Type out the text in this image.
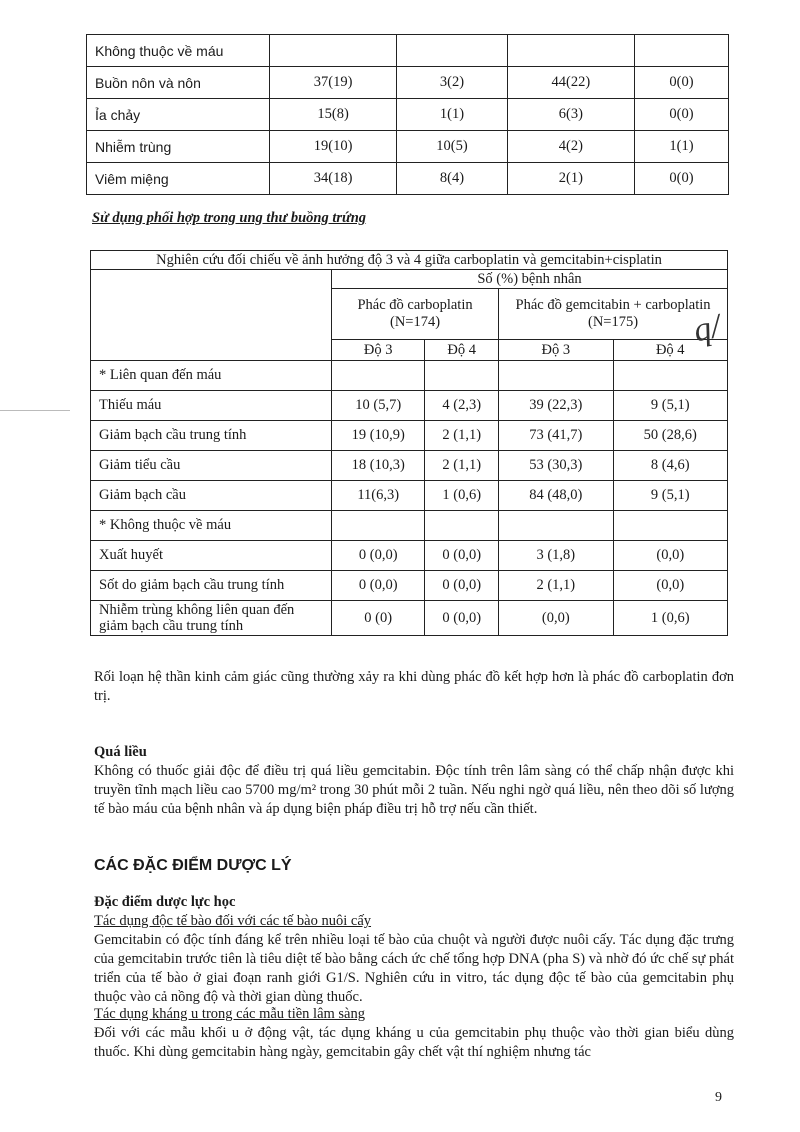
Không thuộc về máu				
Buồn nôn và nôn	37(19)	3(2)	44(22)	0(0)
Ỉa chảy	15(8)	1(1)	6(3)	0(0)
Nhiễm trùng	19(10)	10(5)	4(2)	1(1)
Viêm miệng	34(18)	8(4)	2(1)	0(0)

Sử dụng phối hợp trong ung thư buồng trứng

Nghiên cứu đối chiếu về ảnh hưởng độ 3 và 4 giữa carboplatin và gemcitabin+cisplatin				
	Số (%) bệnh nhân			
	Phác đồ carboplatin (N=174)		Phác đồ gemcitabin + carboplatin (N=175)	
	Độ 3	Độ 4	Độ 3	Độ 4
* Liên quan đến máu				
Thiếu máu	10 (5,7)	4 (2,3)	39 (22,3)	9 (5,1)
Giảm bạch cầu trung tính	19 (10,9)	2 (1,1)	73 (41,7)	50 (28,6)
Giảm tiểu cầu	18 (10,3)	2 (1,1)	53 (30,3)	8 (4,6)
Giảm bạch cầu	11(6,3)	1 (0,6)	84 (48,0)	9 (5,1)
* Không thuộc về máu				
Xuất huyết	0 (0,0)	0 (0,0)	3 (1,8)	(0,0)
Sốt do giảm bạch cầu trung tính	0 (0,0)	0 (0,0)	2 (1,1)	(0,0)
Nhiễm trùng không liên quan đến giảm bạch cầu trung tính	0 (0)	0 (0,0)	(0,0)	1 (0,6)
q/

Rối loạn hệ thần kinh cảm giác cũng thường xảy ra khi dùng phác đồ kết hợp hơn là phác đồ carboplatin đơn trị.

Quá liều

Không có thuốc giải độc để điều trị quá liều gemcitabin. Độc tính trên lâm sàng có thể chấp nhận được khi truyền tĩnh mạch liều cao 5700 mg/m² trong 30 phút mỗi 2 tuần. Nếu nghi ngờ quá liều, nên theo dõi số lượng tế bào máu của bệnh nhân và áp dụng biện pháp điều trị hỗ trợ nếu cần thiết.

CÁC ĐẶC ĐIỂM DƯỢC LÝ

Đặc điểm dược lực học

Tác dụng độc tế bào đối với các tế bào nuôi cấy

Gemcitabin có độc tính đáng kể trên nhiều loại tế bào của chuột và người được nuôi cấy. Tác dụng đặc trưng của gemcitabin trước tiên là tiêu diệt tế bào bằng cách ức chế tổng hợp DNA (pha S) và nhờ đó ức chế sự phát triển của tế bào ở giai đoạn ranh giới G1/S. Nghiên cứu in vitro, tác dụng độc tế bào của gemcitabin phụ thuộc vào cả nồng độ và thời gian dùng thuốc.

Tác dụng kháng u trong các mẫu tiền lâm sàng

Đối với các mẫu khối u ở động vật, tác dụng kháng u của gemcitabin phụ thuộc vào thời gian biểu dùng thuốc. Khi dùng gemcitabin hàng ngày, gemcitabin gây chết vật thí nghiệm nhưng tác

9
